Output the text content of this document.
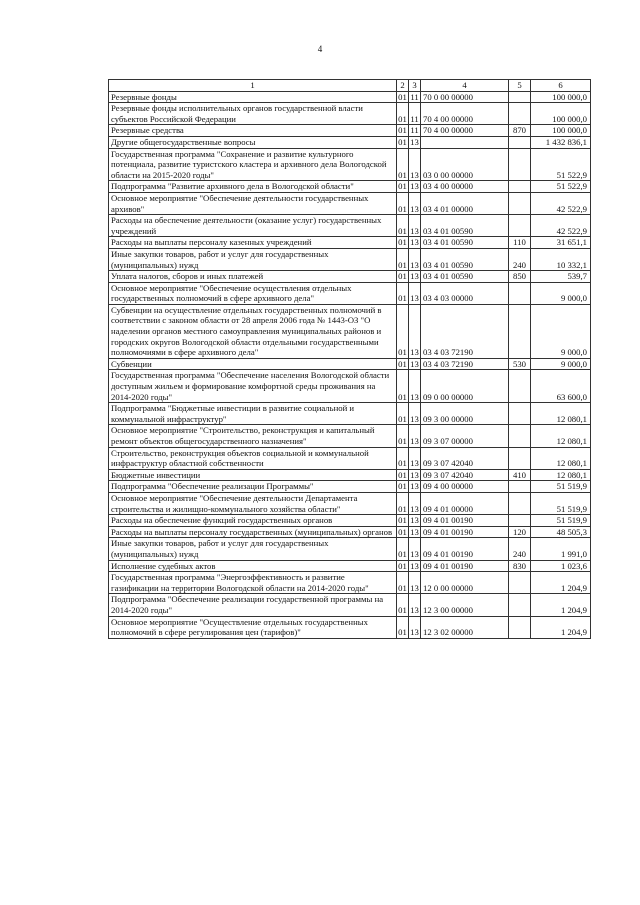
4
1	2	3	4	5	6
Резервные фонды	01	11	70 0 00 00000		100 000,0
Резервные фонды исполнительных органов государственной власти субъектов Российской Федерации	01	11	70 4 00 00000		100 000,0
Резервные средства	01	11	70 4 00 00000	870	100 000,0
Другие общегосударственные вопросы	01	13			1 432 836,1
Государственная программа "Сохранение и развитие культурного потенциала, развитие туристского кластера и архивного дела Вологодской области на 2015-2020 годы"	01	13	03 0 00 00000		51 522,9
Подпрограмма "Развитие архивного дела в Вологодской области"	01	13	03 4 00 00000		51 522,9
Основное мероприятие "Обеспечение деятельности государственных архивов"	01	13	03 4 01 00000		42 522,9
Расходы на обеспечение деятельности (оказание услуг) государственных учреждений	01	13	03 4 01 00590		42 522,9
Расходы на выплаты персоналу казенных учреждений	01	13	03 4 01 00590	110	31 651,1
Иные закупки товаров, работ и услуг для государственных (муниципальных) нужд	01	13	03 4 01 00590	240	10 332,1
Уплата налогов, сборов и иных платежей	01	13	03 4 01 00590	850	539,7
Основное мероприятие "Обеспечение осуществления отдельных государственных полномочий в сфере архивного дела"	01	13	03 4 03 00000		9 000,0
Субвенции на осуществление отдельных государственных полномочий в соответствии с законом области от 28 апреля 2006 года № 1443-ОЗ "О наделении органов местного самоуправления муниципальных районов и городских округов Вологодской области отдельными государственными полномочиями в сфере архивного дела"	01	13	03 4 03 72190		9 000,0
Субвенции	01	13	03 4 03 72190	530	9 000,0
Государственная программа "Обеспечение населения Вологодской области доступным жильем и формирование комфортной среды проживания на 2014-2020 годы"	01	13	09 0 00 00000		63 600,0
Подпрограмма "Бюджетные инвестиции в развитие социальной и коммунальной инфраструктур"	01	13	09 3 00 00000		12 080,1
Основное мероприятие "Строительство, реконструкция и капитальный ремонт объектов общегосударственного назначения"	01	13	09 3 07 00000		12 080,1
Строительство, реконструкция объектов социальной и коммунальной инфраструктур областной собственности	01	13	09 3 07 42040		12 080,1
Бюджетные инвестиции	01	13	09 3 07 42040	410	12 080,1
Подпрограмма "Обеспечение реализации Программы"	01	13	09 4 00 00000		51 519,9
Основное мероприятие "Обеспечение деятельности Департамента строительства и жилищно-коммунального хозяйства области"	01	13	09 4 01 00000		51 519,9
Расходы на обеспечение функций государственных органов	01	13	09 4 01 00190		51 519,9
Расходы на выплаты персоналу государственных (муниципальных) органов	01	13	09 4 01 00190	120	48 505,3
Иные закупки товаров, работ и услуг для государственных (муниципальных) нужд	01	13	09 4 01 00190	240	1 991,0
Исполнение судебных актов	01	13	09 4 01 00190	830	1 023,6
Государственная программа "Энергоэффективность и развитие газификации на территории Вологодской области на 2014-2020 годы"	01	13	12 0 00 00000		1 204,9
Подпрограмма "Обеспечение реализации государственной программы на 2014-2020 годы"	01	13	12 3 00 00000		1 204,9
Основное мероприятие "Осуществление отдельных государственных полномочий в сфере регулирования цен (тарифов)"	01	13	12 3 02 00000		1 204,9
